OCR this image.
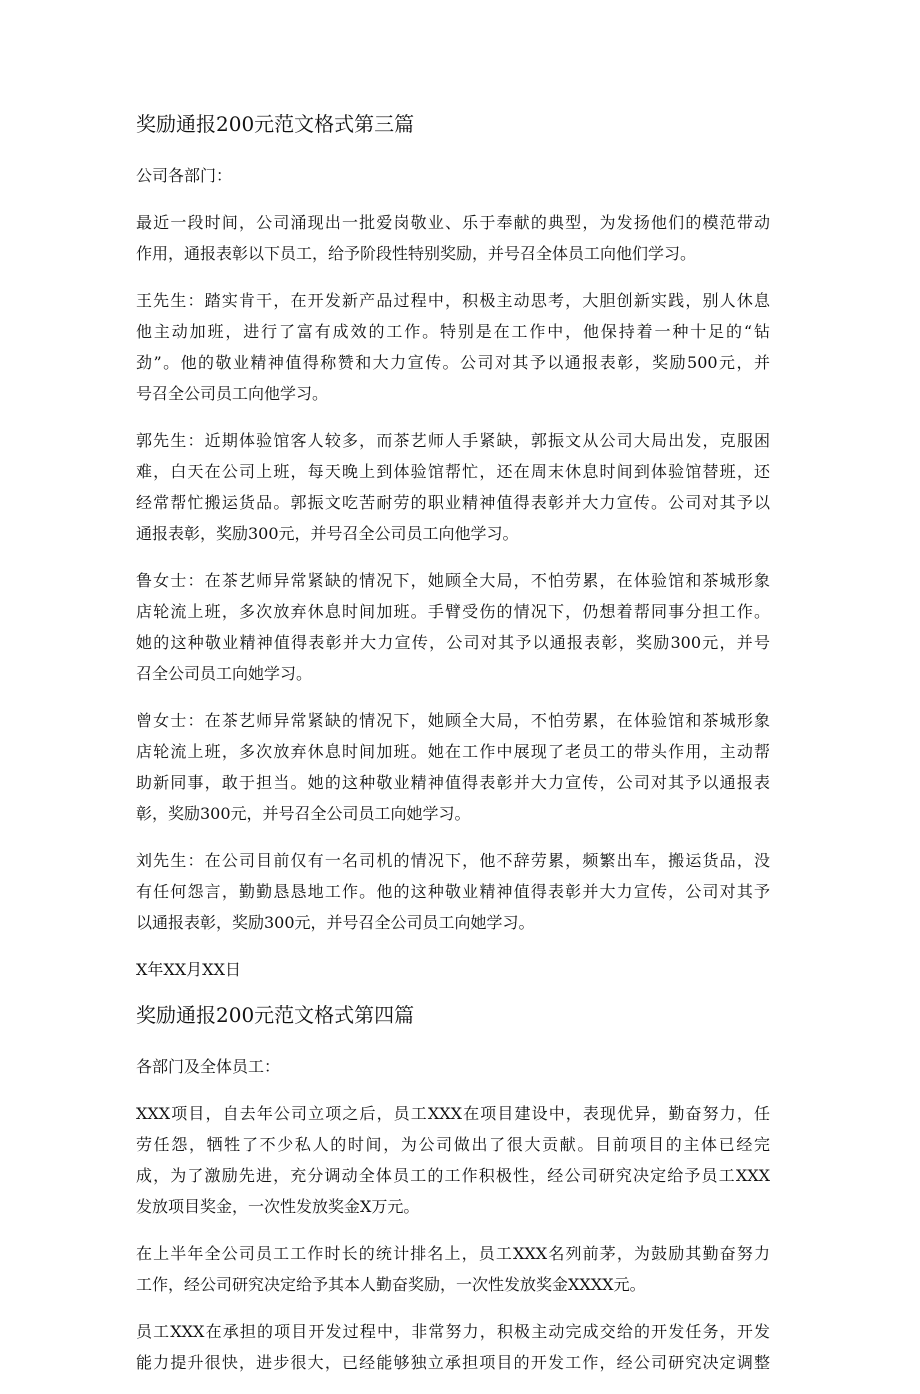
奖励通报200元范文格式第三篇
公司各部门：
最近一段时间，公司涌现出一批爱岗敬业、乐于奉献的典型，为发扬他们的模范带动
作用，通报表彰以下员工，给予阶段性特别奖励，并号召全体员工向他们学习。
王先生：踏实肯干，在开发新产品过程中，积极主动思考，大胆创新实践，别人休息
他主动加班，进行了富有成效的工作。特别是在工作中，他保持着一种十足的“钻
劲”。他的敬业精神值得称赞和大力宣传。公司对其予以通报表彰，奖励500元，并
号召全公司员工向他学习。
郭先生：近期体验馆客人较多，而茶艺师人手紧缺，郭振文从公司大局出发，克服困
难，白天在公司上班，每天晚上到体验馆帮忙，还在周末休息时间到体验馆替班，还
经常帮忙搬运货品。郭振文吃苦耐劳的职业精神值得表彰并大力宣传。公司对其予以
通报表彰，奖励300元，并号召全公司员工向他学习。
鲁女士：在茶艺师异常紧缺的情况下，她顾全大局，不怕劳累，在体验馆和茶城形象
店轮流上班，多次放弃休息时间加班。手臂受伤的情况下，仍想着帮同事分担工作。
她的这种敬业精神值得表彰并大力宣传，公司对其予以通报表彰，奖励300元，并号
召全公司员工向她学习。
曾女士：在茶艺师异常紧缺的情况下，她顾全大局，不怕劳累，在体验馆和茶城形象
店轮流上班，多次放弃休息时间加班。她在工作中展现了老员工的带头作用，主动帮
助新同事，敢于担当。她的这种敬业精神值得表彰并大力宣传，公司对其予以通报表
彰，奖励300元，并号召全公司员工向她学习。
刘先生：在公司目前仅有一名司机的情况下，他不辞劳累，频繁出车，搬运货品，没
有任何怨言，勤勤恳恳地工作。他的这种敬业精神值得表彰并大力宣传，公司对其予
以通报表彰，奖励300元，并号召全公司员工向她学习。
X年XX月XX日
奖励通报200元范文格式第四篇
各部门及全体员工：
XXX项目，自去年公司立项之后，员工XXX在项目建设中，表现优异，勤奋努力，任
劳任怨，牺牲了不少私人的时间，为公司做出了很大贡献。目前项目的主体已经完
成，为了激励先进，充分调动全体员工的工作积极性，经公司研究决定给予员工XXX
发放项目奖金，一次性发放奖金X万元。
在上半年全公司员工工作时长的统计排名上，员工XXX名列前茅，为鼓励其勤奋努力
工作，经公司研究决定给予其本人勤奋奖励，一次性发放奖金XXXX元。
员工XXX在承担的项目开发过程中，非常努力，积极主动完成交给的开发任务，开发
能力提升很快，进步很大，已经能够独立承担项目的开发工作，经公司研究决定调整
